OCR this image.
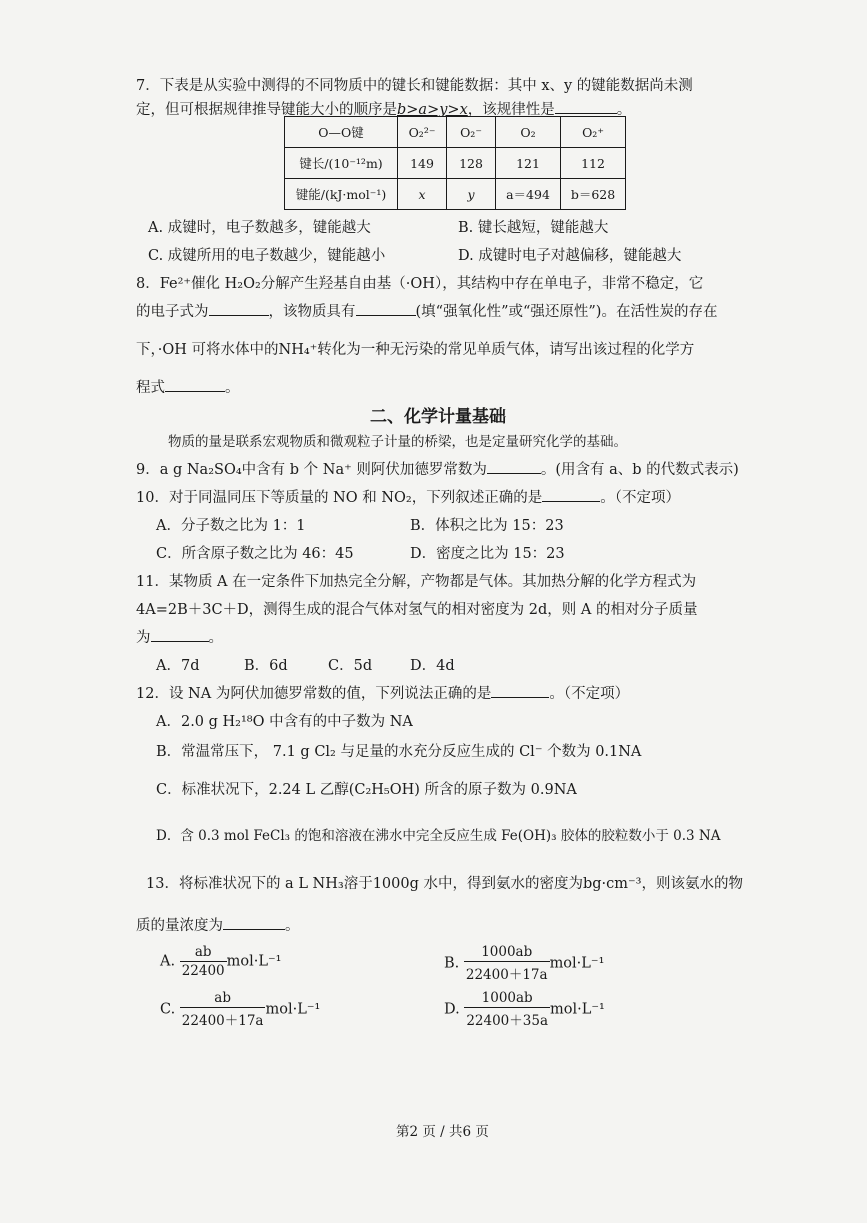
7．下表是从实验中测得的不同物质中的键长和键能数据：其中 x、y 的键能数据尚未测
定，但可根据规律推导键能大小的顺序是b>a>y>x，该规律性是	。
O—O键	O₂²⁻	O₂⁻	O₂	O₂⁺
键长/(10⁻¹²m)	149	128	121	112
键能/(kJ·mol⁻¹)	x	y	a＝494	b＝628
A. 成键时，电子数越多，键能越大	B. 键长越短，键能越大
C. 成键所用的电子数越少，键能越小	D. 成键时电子对越偏移，键能越大
8．Fe²⁺催化 H₂O₂分解产生羟基自由基（·OH），其结构中存在单电子，非常不稳定，它
的电子式为	，该物质具有	(填“强氧化性”或“强还原性”)。在活性炭的存在
下，·OH 可将水体中的NH₄⁺转化为一种无污染的常见单质气体，请写出该过程的化学方
程式	。
二、化学计量基础
物质的量是联系宏观物质和微观粒子计量的桥梁，也是定量研究化学的基础。
9．a g Na₂SO₄中含有 b 个 Na⁺ 则阿伏加德罗常数为	。(用含有 a、b 的代数式表示)
10．对于同温同压下等质量的 NO 和 NO₂，下列叙述正确的是	。（不定项）
A．分子数之比为 1：1	B．体积之比为 15：23
C．所含原子数之比为 46：45	D．密度之比为 15：23
11．某物质 A 在一定条件下加热完全分解，产物都是气体。其加热分解的化学方程式为
4A=2B＋3C＋D，测得生成的混合气体对氢气的相对密度为 2d，则 A 的相对分子质量
为	。
A．7d	B．6d	C．5d	D．4d
12．设 NA 为阿伏加德罗常数的值，下列说法正确的是	。（不定项）
A．2.0 g H₂¹⁸O 中含有的中子数为 NA
B．常温常压下， 7.1 g Cl₂ 与足量的水充分反应生成的 Cl⁻ 个数为 0.1NA
C．标准状况下，2.24 L 乙醇(C₂H₅OH) 所含的原子数为 0.9NA
D．含 0.3 mol FeCl₃ 的饱和溶液在沸水中完全反应生成 Fe(OH)₃ 胶体的胶粒数小于 0.3 NA
13．将标准状况下的 a L NH₃溶于1000g 水中，得到氨水的密度为bg·cm⁻³，则该氨水的物
质的量浓度为	。
A. $\frac{ab}{22400} mol\cdot L^{-1}$	B. $\frac{1000ab}{22400+17a} mol\cdot L^{-1}$
C. $\frac{ab}{22400+17a} mol\cdot L^{-1}$	D. $\frac{1000ab}{22400+35a} mol\cdot L^{-1}$
第2 页 / 共6 页
